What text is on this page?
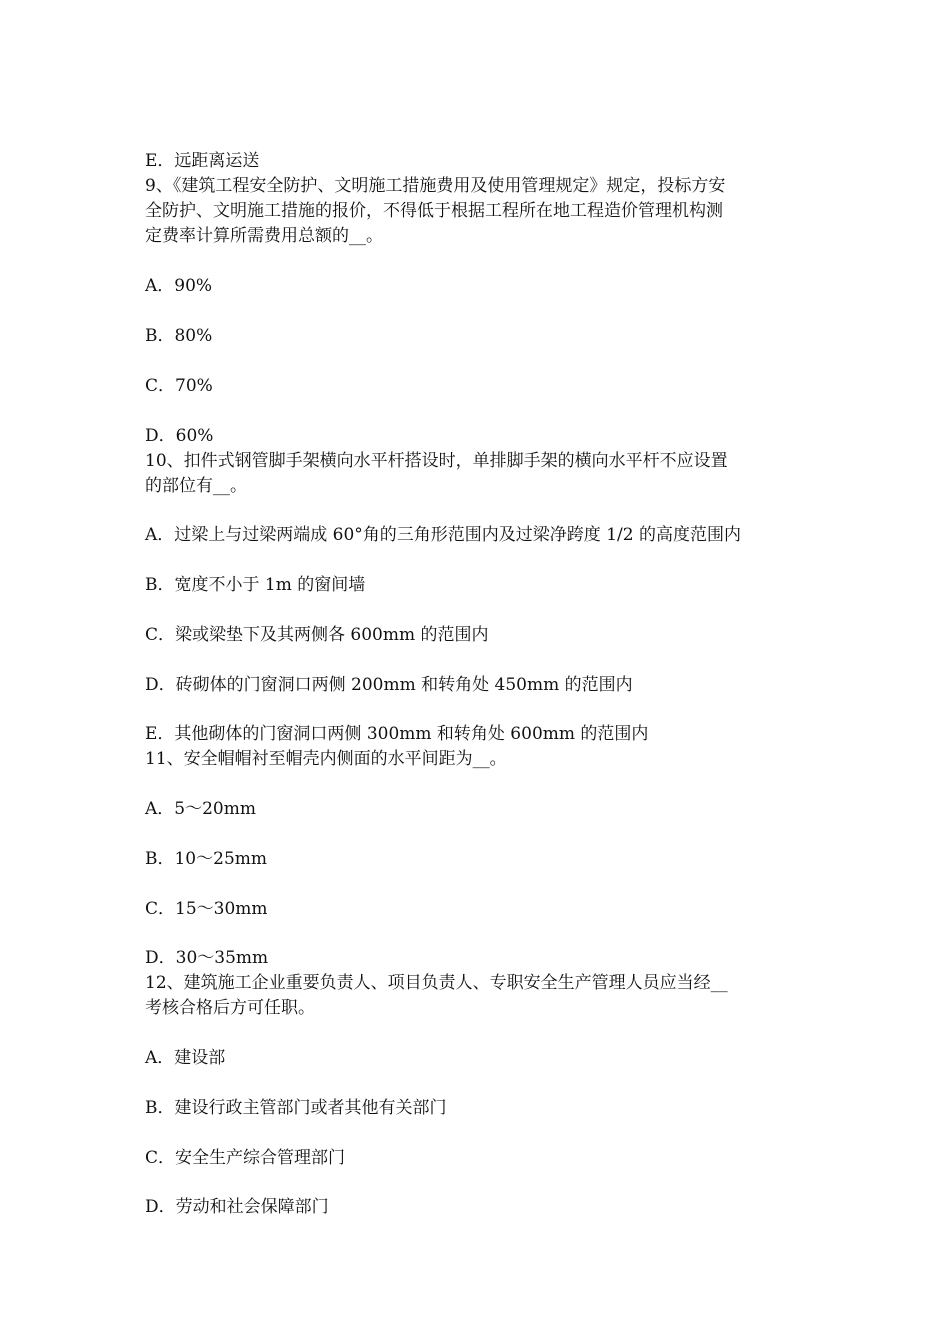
E．远距离运送
9、《建筑工程安全防护、文明施工措施费用及使用管理规定》规定，投标方安
全防护、文明施工措施的报价，不得低于根据工程所在地工程造价管理机构测
定费率计算所需费用总额的__。
A．90%
B．80%
C．70%
D．60%
10、扣件式钢管脚手架横向水平杆搭设时，单排脚手架的横向水平杆不应设置
的部位有__。
A．过梁上与过梁两端成 60°角的三角形范围内及过梁净跨度 1/2 的高度范围内
B．宽度不小于 1m 的窗间墙
C．梁或梁垫下及其两侧各 600mm 的范围内
D．砖砌体的门窗洞口两侧 200mm 和转角处 450mm 的范围内
E．其他砌体的门窗洞口两侧 300mm 和转角处 600mm 的范围内
11、安全帽帽衬至帽壳内侧面的水平间距为__。
A．5～20mm
B．10～25mm
C．15～30mm
D．30～35mm
12、建筑施工企业重要负责人、项目负责人、专职安全生产管理人员应当经__
考核合格后方可任职。
A．建设部
B．建设行政主管部门或者其他有关部门
C．安全生产综合管理部门
D．劳动和社会保障部门
